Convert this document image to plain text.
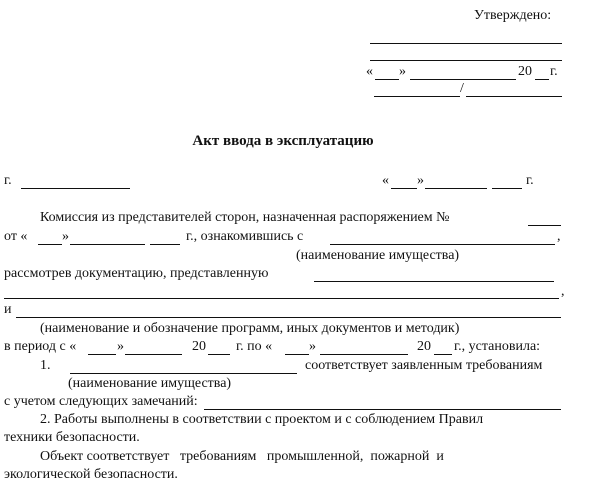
Утверждено:
« »	20 г.
/
Акт ввода в эксплуатацию
г.	« »	г.
Комиссия из представителей сторон, назначенная распоряжением №
от « »	г., ознакомившись с	,
(наименование имущества)
рассмотрев документацию, представленную
,
и
(наименование и обозначение программ, иных документов и методик)
в период с «	»	20 г. по «	»	20 г., установила:
1.	соответствует заявленным требованиям
(наименование имущества)
с учетом следующих замечаний:
2. Работы выполнены в соответствии с проектом и с соблюдением Правил
техники безопасности.
Объект соответствует   требованиям   промышленной,  пожарной  и
экологической безопасности.
